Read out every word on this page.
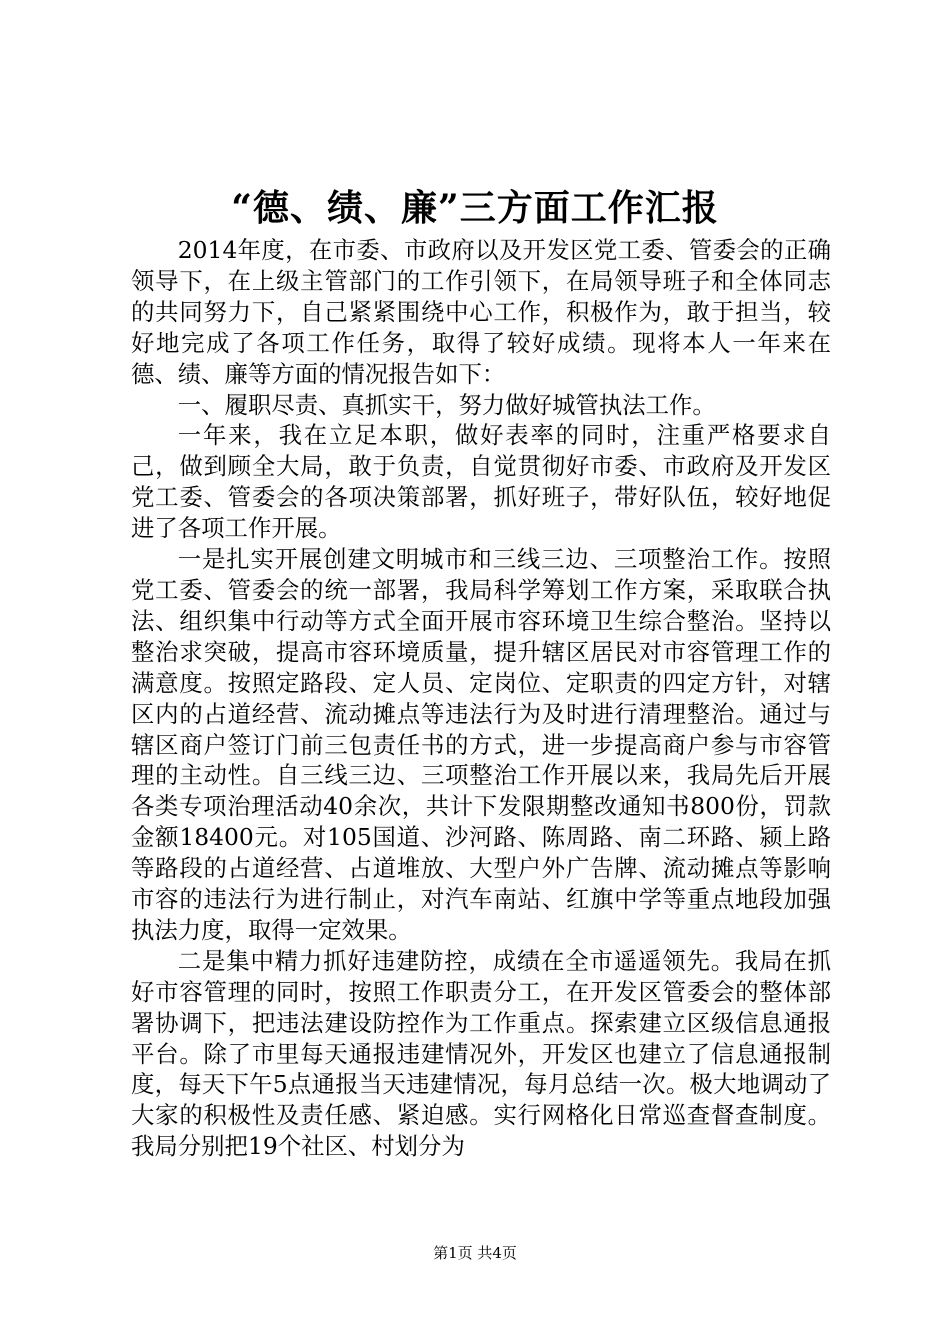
“德、绩、廉”三方面工作汇报

2014年度，在市委、市政府以及开发区党工委、管委会的正确领导下，在上级主管部门的工作引领下，在局领导班子和全体同志的共同努力下，自己紧紧围绕中心工作，积极作为，敢于担当，较好地完成了各项工作任务，取得了较好成绩。现将本人一年来在德、绩、廉等方面的情况报告如下：

一、履职尽责、真抓实干，努力做好城管执法工作。

一年来，我在立足本职，做好表率的同时，注重严格要求自己，做到顾全大局，敢于负责，自觉贯彻好市委、市政府及开发区党工委、管委会的各项决策部署，抓好班子，带好队伍，较好地促进了各项工作开展。

一是扎实开展创建文明城市和三线三边、三项整治工作。按照党工委、管委会的统一部署，我局科学筹划工作方案，采取联合执法、组织集中行动等方式全面开展市容环境卫生综合整治。坚持以整治求突破，提高市容环境质量，提升辖区居民对市容管理工作的满意度。按照定路段、定人员、定岗位、定职责的四定方针，对辖区内的占道经营、流动摊点等违法行为及时进行清理整治。通过与辖区商户签订门前三包责任书的方式，进一步提高商户参与市容管理的主动性。自三线三边、三项整治工作开展以来，我局先后开展各类专项治理活动40余次，共计下发限期整改通知书800份，罚款金额18400元。对105国道、沙河路、陈周路、南二环路、颍上路等路段的占道经营、占道堆放、大型户外广告牌、流动摊点等影响市容的违法行为进行制止，对汽车南站、红旗中学等重点地段加强执法力度，取得一定效果。

二是集中精力抓好违建防控，成绩在全市遥遥领先。我局在抓好市容管理的同时，按照工作职责分工，在开发区管委会的整体部署协调下，把违法建设防控作为工作重点。探索建立区级信息通报平台。除了市里每天通报违建情况外，开发区也建立了信息通报制度，每天下午5点通报当天违建情况，每月总结一次。极大地调动了大家的积极性及责任感、紧迫感。实行网格化日常巡查督查制度。我局分别把19个社区、村划分为

第1页 共4页
